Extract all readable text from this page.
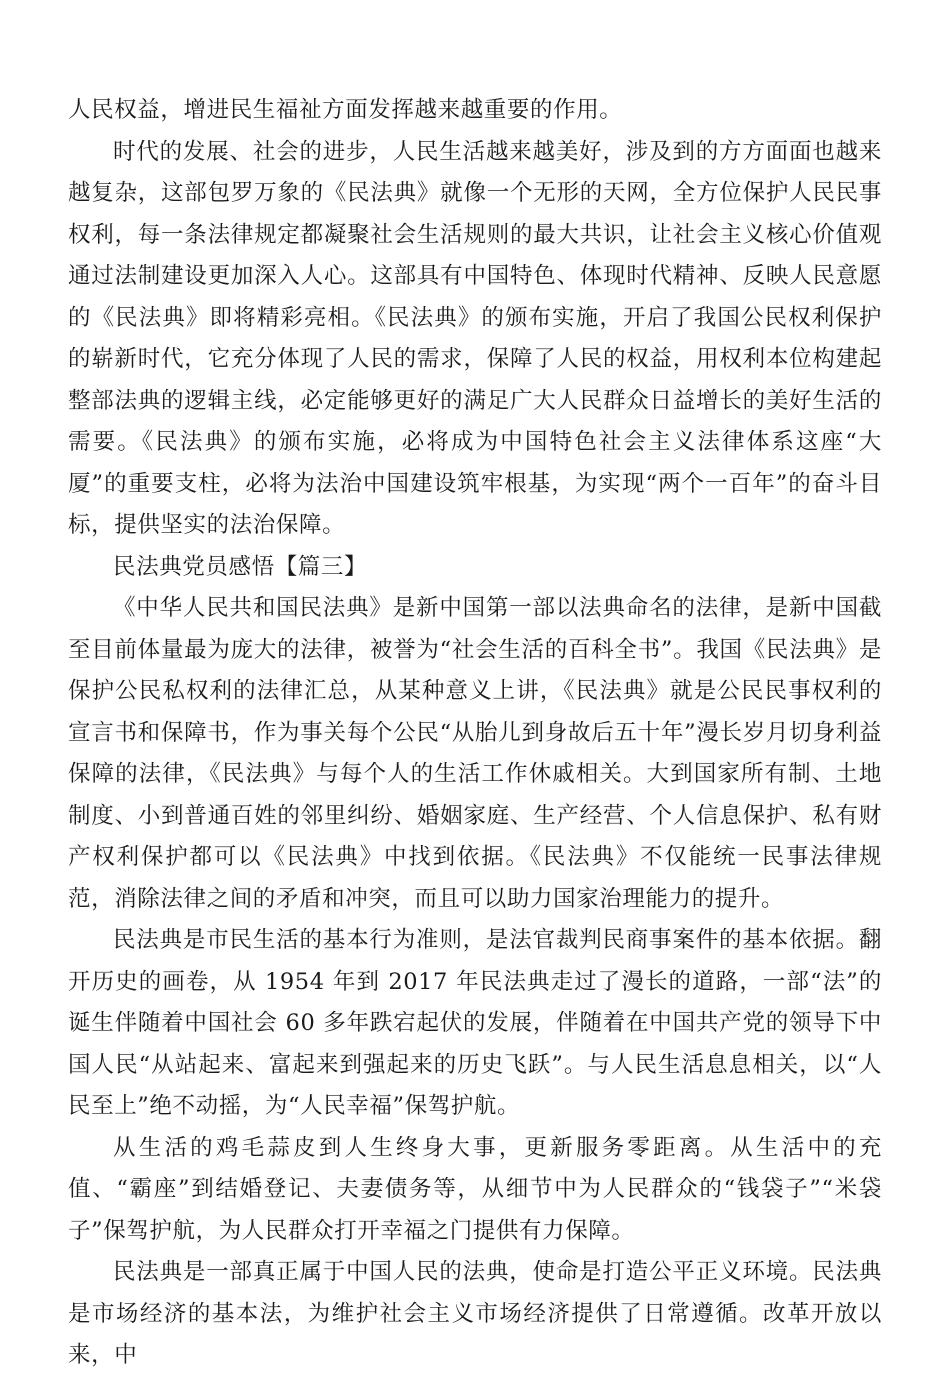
人民权益，增进民生福祉方面发挥越来越重要的作用。

时代的发展、社会的进步，人民生活越来越美好，涉及到的方方面面也越来越复杂，这部包罗万象的《民法典》就像一个无形的天网，全方位保护人民民事权利，每一条法律规定都凝聚社会生活规则的最大共识，让社会主义核心价值观通过法制建设更加深入人心。这部具有中国特色、体现时代精神、反映人民意愿的《民法典》即将精彩亮相。《民法典》的颁布实施，开启了我国公民权利保护的崭新时代，它充分体现了人民的需求，保障了人民的权益，用权利本位构建起整部法典的逻辑主线，必定能够更好的满足广大人民群众日益增长的美好生活的需要。《民法典》的颁布实施，必将成为中国特色社会主义法律体系这座“大厦”的重要支柱，必将为法治中国建设筑牢根基，为实现“两个一百年”的奋斗目标，提供坚实的法治保障。

民法典党员感悟【篇三】

《中华人民共和国民法典》是新中国第一部以法典命名的法律，是新中国截至目前体量最为庞大的法律，被誉为“社会生活的百科全书”。我国《民法典》是保护公民私权利的法律汇总，从某种意义上讲，《民法典》就是公民民事权利的宣言书和保障书，作为事关每个公民“从胎儿到身故后五十年”漫长岁月切身利益保障的法律，《民法典》与每个人的生活工作休戚相关。大到国家所有制、土地制度、小到普通百姓的邻里纠纷、婚姻家庭、生产经营、个人信息保护、私有财产权利保护都可以《民法典》中找到依据。《民法典》不仅能统一民事法律规范，消除法律之间的矛盾和冲突，而且可以助力国家治理能力的提升。

民法典是市民生活的基本行为准则，是法官裁判民商事案件的基本依据。翻开历史的画卷，从 1954 年到 2017 年民法典走过了漫长的道路，一部“法”的诞生伴随着中国社会 60 多年跌宕起伏的发展，伴随着在中国共产党的领导下中国人民“从站起来、富起来到强起来的历史飞跃”。与人民生活息息相关，以“人民至上”绝不动摇，为“人民幸福”保驾护航。

从生活的鸡毛蒜皮到人生终身大事，更新服务零距离。从生活中的充值、“霸座”到结婚登记、夫妻债务等，从细节中为人民群众的“钱袋子”“米袋子”保驾护航，为人民群众打开幸福之门提供有力保障。

民法典是一部真正属于中国人民的法典，使命是打造公平正义环境。民法典是市场经济的基本法，为维护社会主义市场经济提供了日常遵循。改革开放以来，中
